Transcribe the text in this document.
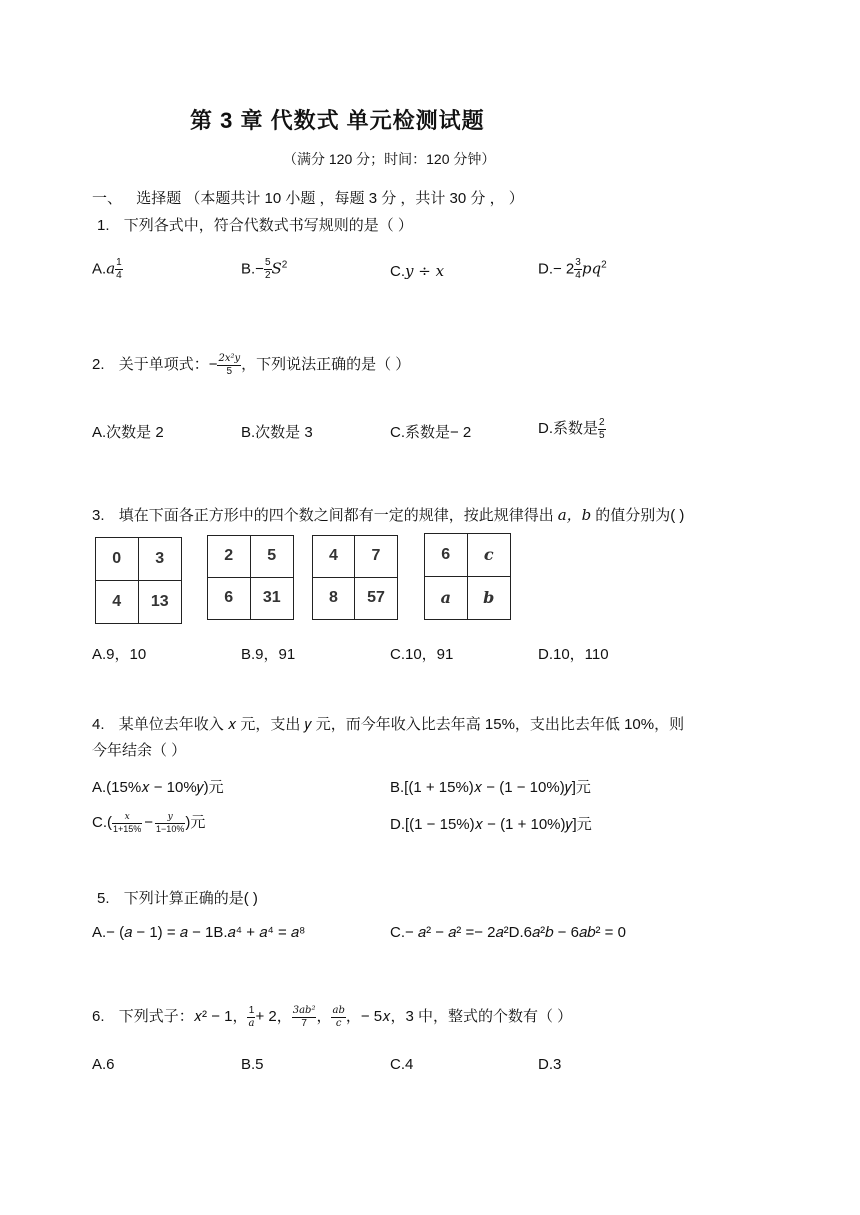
第 3 章 代数式 单元检测试题
（满分 120 分；时间：120 分钟）
一、 选择题 （本题共计 10 小题 ，每题 3 分 ，共计 30 分 ， ）
1. 下列各式中，符合代数式书写规则的是（ ）
$A.a \frac{1}{4}$	$B.- \frac{5}{2} S^2$	C.y ÷ x	$D.- 2 \frac{3}{4} pq^2$
2. 关于单项式：− $\frac{\text{2x²y}}{5}$ ，下列说法正确的是（ ）
A.次数是 2	B.次数是 3	C.系数是− 2	D.系数是 $\frac{2}{5}$
3. 填在下面各正方形中的四个数之间都有一定的规律，按此规律得出 a，b 的值分别为( )
0	3
4	13
2	5
6	31
4	7
8	57
6	c
a	b
A.9，10	B.9，91	C.10，91	D.10，110
4. 某单位去年收入 𝑥 元，支出 𝑦 元，而今年收入比去年高 15%，支出比去年低 10%，则
今年结余（ ）
A.(15%𝑥 − 10%𝑦)元	B.[(1 + 15%)𝑥 − (1 − 10%)𝑦]元
$C.( \frac{x}{1+15\%} - \frac{y}{1-10\%}$ )元	D.[(1 − 15%)𝑥 − (1 + 10%)𝑦]元
5. 下列计算正确的是( )
A.− (𝑎 − 1) = 𝑎 − 1B.𝑎⁴ + 𝑎⁴ = 𝑎⁸	C.− 𝑎² − 𝑎² =− 2𝑎²D.6𝑎²𝑏 − 6𝑎𝑏² = 0
6. 下列式子：𝑥² − 1， $\frac{1}{a} + 2$， $\frac{\text{3ab²}}{7}$ ， $\frac{ab}{c}$ ，− 5𝑥，3 中，整式的个数有（ ）
A.6	B.5	C.4	D.3
